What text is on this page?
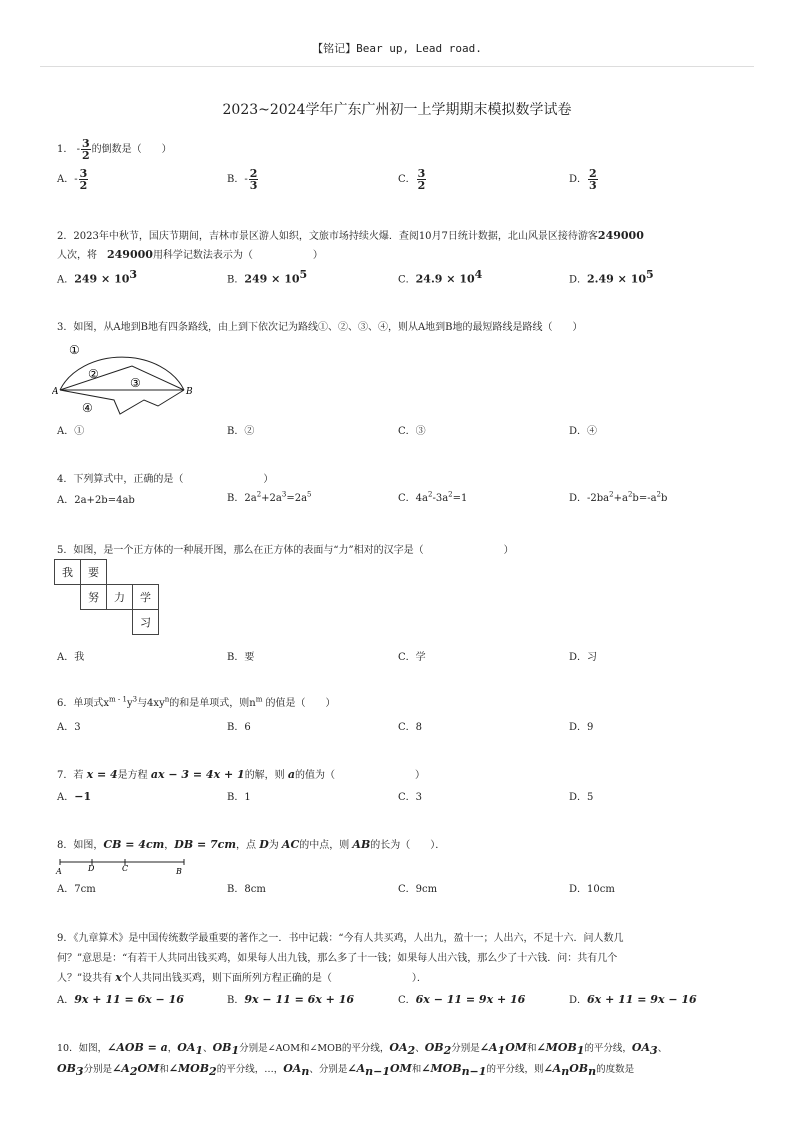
【铭记】Bear up, Lead road.
2023~2024学年广东广州初一上学期期末模拟数学试卷
1． - $\frac{3}{2}$ 的倒数是（　　）
A．- $\frac{3}{2}$	B．- $\frac{2}{3}$	C． $\frac{3}{2}$	D． $\frac{2}{3}$
2．2023年中秋节，国庆节期间，吉林市景区游人如织，文旅市场持续火爆．查阅10月7日统计数据，北山风景区接待游客249000
人次，将　 249000用科学记数法表示为（　　　　　　）
A．$249 \times 10^3$	B．$249 \times 10^5$	C．$24.9 \times 10^4$	D．$2.49 \times 10^5$
3．如图，从A地到B地有四条路线，由上到下依次记为路线①、②、③、④，则从A地到B地的最短路线是路线（　　）
A	B
①
②
③
④
A．①	B．②	C．③	D．④
4．下列算式中，正确的是（　　　　　　　　）
A．2a+2b=4ab	B．$2a^2+2a^3=2a^5$	C．$4a^2-3a^2=1$	D．$-2ba^2+a^2b=-a^2b$
5．如图，是一个正方体的一种展开图，那么在正方体的表面与“力”相对的汉字是（　　　　　　　　）
我	要		
	努	力	学
			习
A．我	B．要	C．学	D．习
6．单项式$x^{m - 1}y^3$与$4xy^n$的和是单项式，则$n^m$ 的值是（　　）
A．3	B．6	C．8	D．9
7．若 x = 4是方程 ax − 3 = 4x + 1的解，则 a的值为（　　　　　　　　）
A．−1	B．1	C．3	D．5
8．如图，CB = 4cm，DB = 7cm，点 D为 AC的中点，则 AB的长为（　　）．
A	D	C	B
A．7cm	B．8cm	C．9cm	D．10cm
9．《九章算术》是中国传统数学最重要的著作之一．书中记载：“今有人共买鸡，人出九，盈十一；人出六，不足十六．问人数几
何？”意思是：“有若干人共同出钱买鸡，如果每人出九钱，那么多了十一钱；如果每人出六钱，那么少了十六钱．问：共有几个
人？”设共有 x个人共同出钱买鸡，则下面所列方程正确的是（　　　　　　　　）．
A．9x + 11 = 6x − 16	B．9x − 11 = 6x + 16	C．6x − 11 = 9x + 16	D．6x + 11 = 9x − 16
10．如图，∠AOB = a，$OA_1$、$OB_1$分别是∠AOM和∠MOB的平分线，$OA_2$、$OB_2$分别是$\angle A_1OM$和$\angle MOB_1$的平分线，$OA_3$、
$OB_3$分别是$\angle A_2OM$和$\angle MOB_2$的平分线，…，$OA_n$、分别是$\angle A_{n-1}OM$和$\angle MOB_{n-1}$的平分线，则$\angle A_nOB_n$的度数是
